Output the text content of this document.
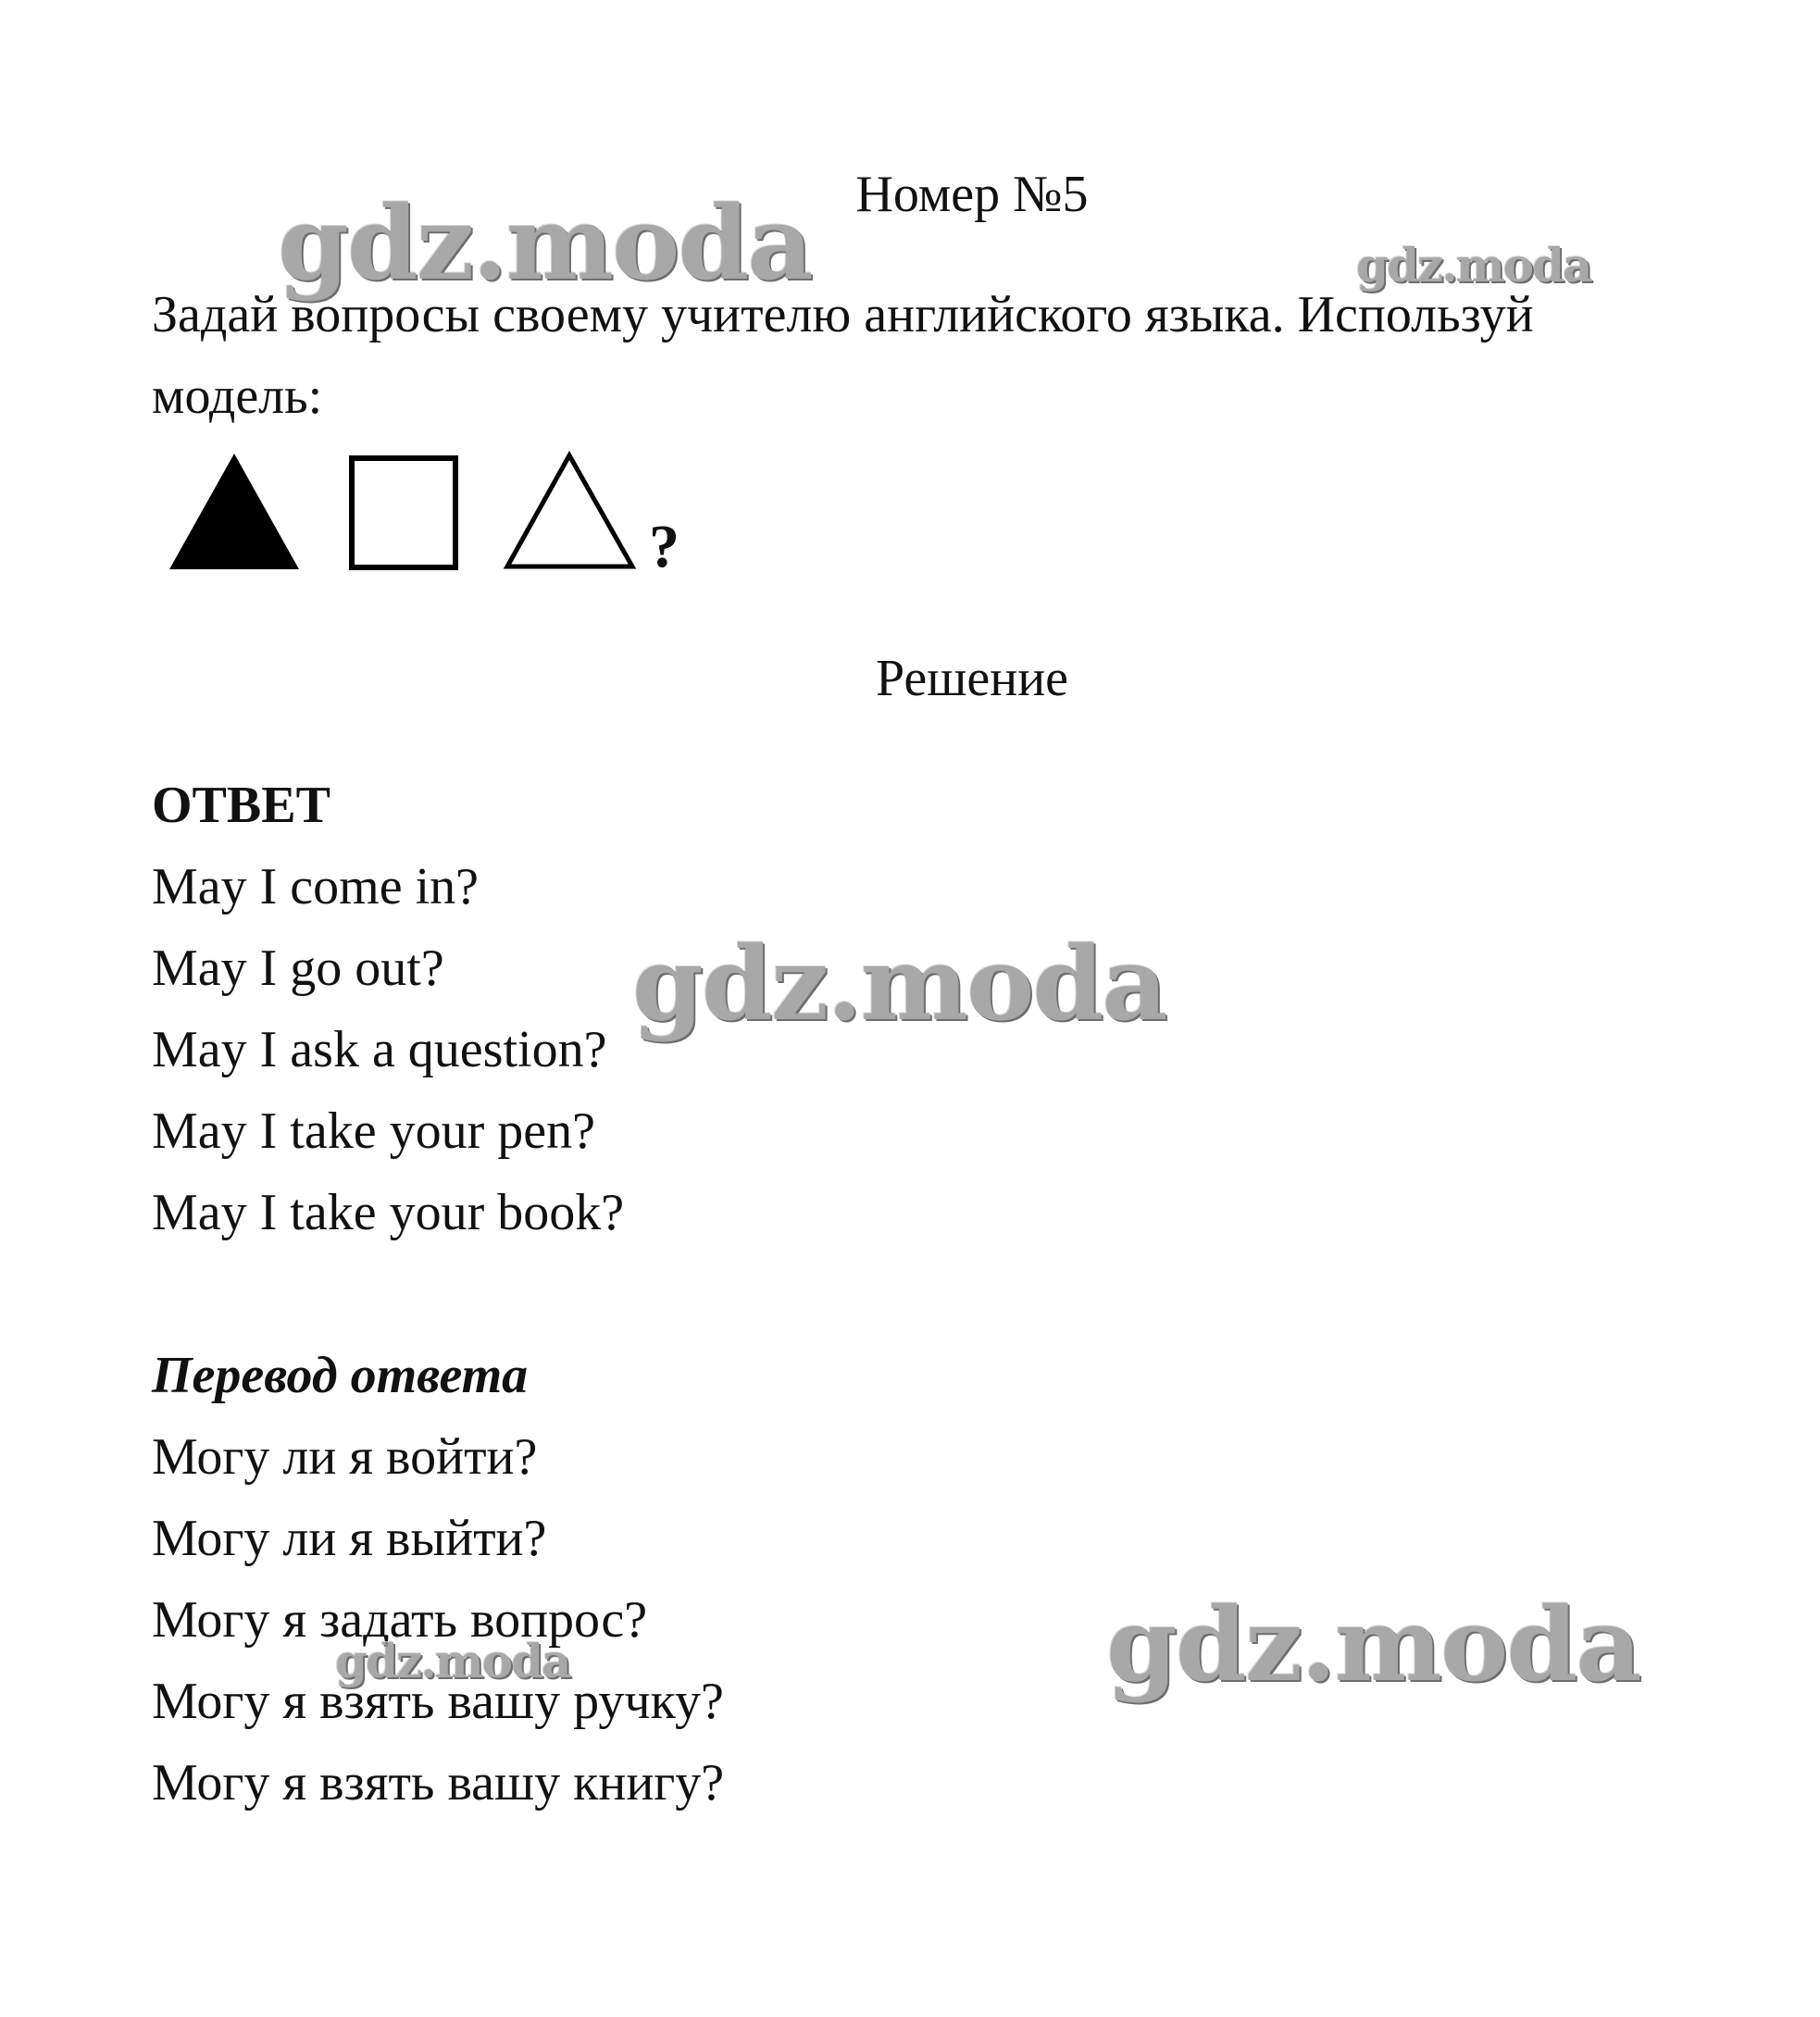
Номер №5
Задай вопросы своему учителю английского языка. Используй
модель:
?
Решение
ОТВЕТ
May I come in?
May I go out?
May I ask a question?
May I take your pen?
May I take your book?
Перевод ответа
Могу ли я войти?
Могу ли я выйти?
Могу я задать вопрос?
Могу я взять вашу ручку?
Могу я взять вашу книгу?
gdz.moda	gdz.moda
gdz.moda
gdz.moda	gdz.moda
